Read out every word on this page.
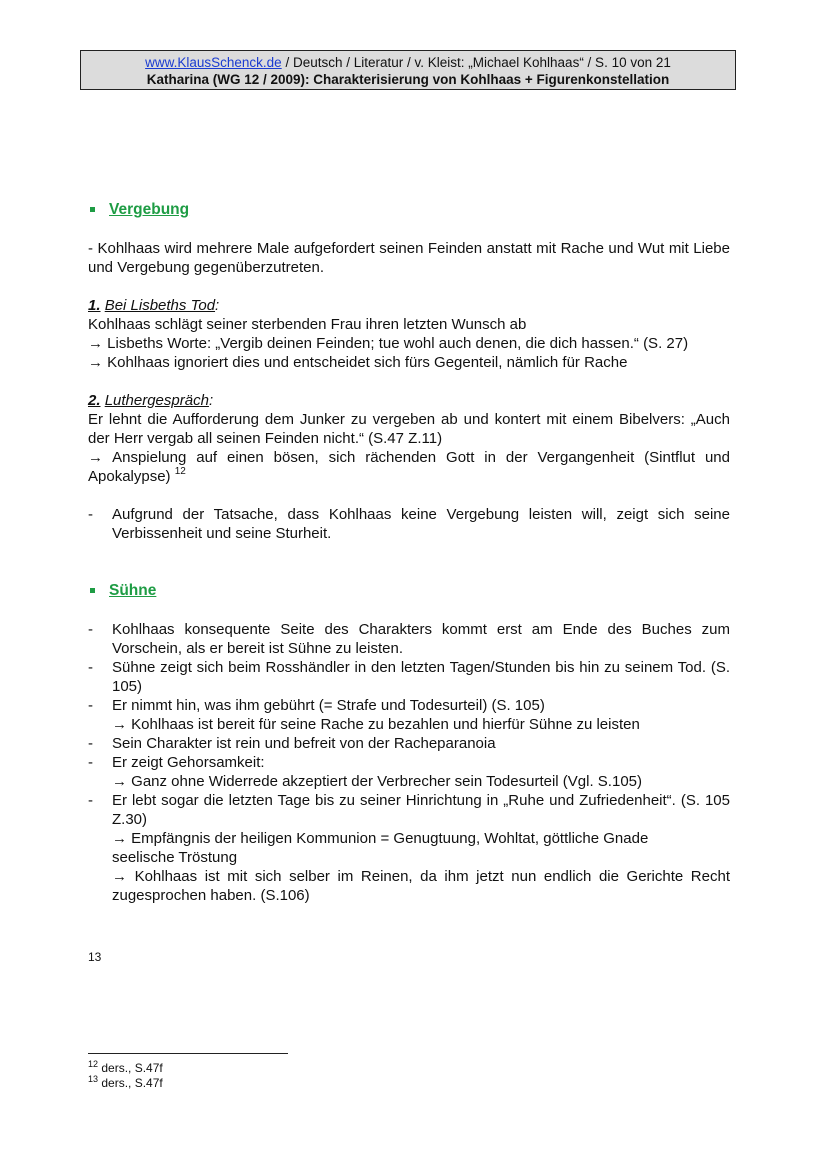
www.KlausSchenck.de / Deutsch / Literatur / v. Kleist: „Michael Kohlhaas“ / S. 10 von 21
Katharina (WG 12 / 2009): Charakterisierung von Kohlhaas + Figurenkonstellation
Vergebung

- Kohlhaas wird mehrere Male aufgefordert seinen Feinden anstatt mit Rache und Wut mit Liebe und Vergebung gegenüberzutreten.

1. Bei Lisbeths Tod:

Kohlhaas schlägt seiner sterbenden Frau ihren letzten Wunsch ab

→ Lisbeths Worte: „Vergib deinen Feinden; tue wohl auch denen, die dich hassen.“ (S. 27)

→ Kohlhaas ignoriert dies und entscheidet sich fürs Gegenteil, nämlich für Rache

2. Luthergespräch:

Er lehnt die Aufforderung dem Junker zu vergeben ab und kontert mit einem Bibelvers: „Auch der Herr vergab all seinen Feinden nicht.“ (S.47 Z.11)

→ Anspielung auf einen bösen, sich rächenden Gott in der Vergangenheit (Sintflut und Apokalypse) $^{12}$

-	Aufgrund der Tatsache, dass Kohlhaas keine Vergebung leisten will, zeigt sich seine Verbissenheit und seine Sturheit.
Sühne
-	Kohlhaas konsequente Seite des Charakters kommt erst am Ende des Buches zum Vorschein, als er bereit ist Sühne zu leisten.
-	Sühne zeigt sich beim Rosshändler in den letzten Tagen/Stunden bis hin zu seinem Tod. (S. 105)
-	Er nimmt hin, was ihm gebührt (= Strafe und Todesurteil) (S. 105)

→ Kohlhaas ist bereit für seine Rache zu bezahlen und hierfür Sühne zu leisten

-	Sein Charakter ist rein und befreit von der Racheparanoia
-	Er zeigt Gehorsamkeit:

→ Ganz ohne Widerrede akzeptiert der Verbrecher sein Todesurteil (Vgl. S.105)

-	Er lebt sogar die letzten Tage bis zu seiner Hinrichtung in „Ruhe und Zufriedenheit“. (S. 105 Z.30)

→ Empfängnis der heiligen Kommunion = Genugtuung, Wohltat, göttliche Gnade seelische Tröstung

→ Kohlhaas ist mit sich selber im Reinen, da ihm jetzt nun endlich die Gerichte Recht zugesprochen haben. (S.106)

13
$^{12}$ ders., S.47f
$^{13}$ ders., S.47f
